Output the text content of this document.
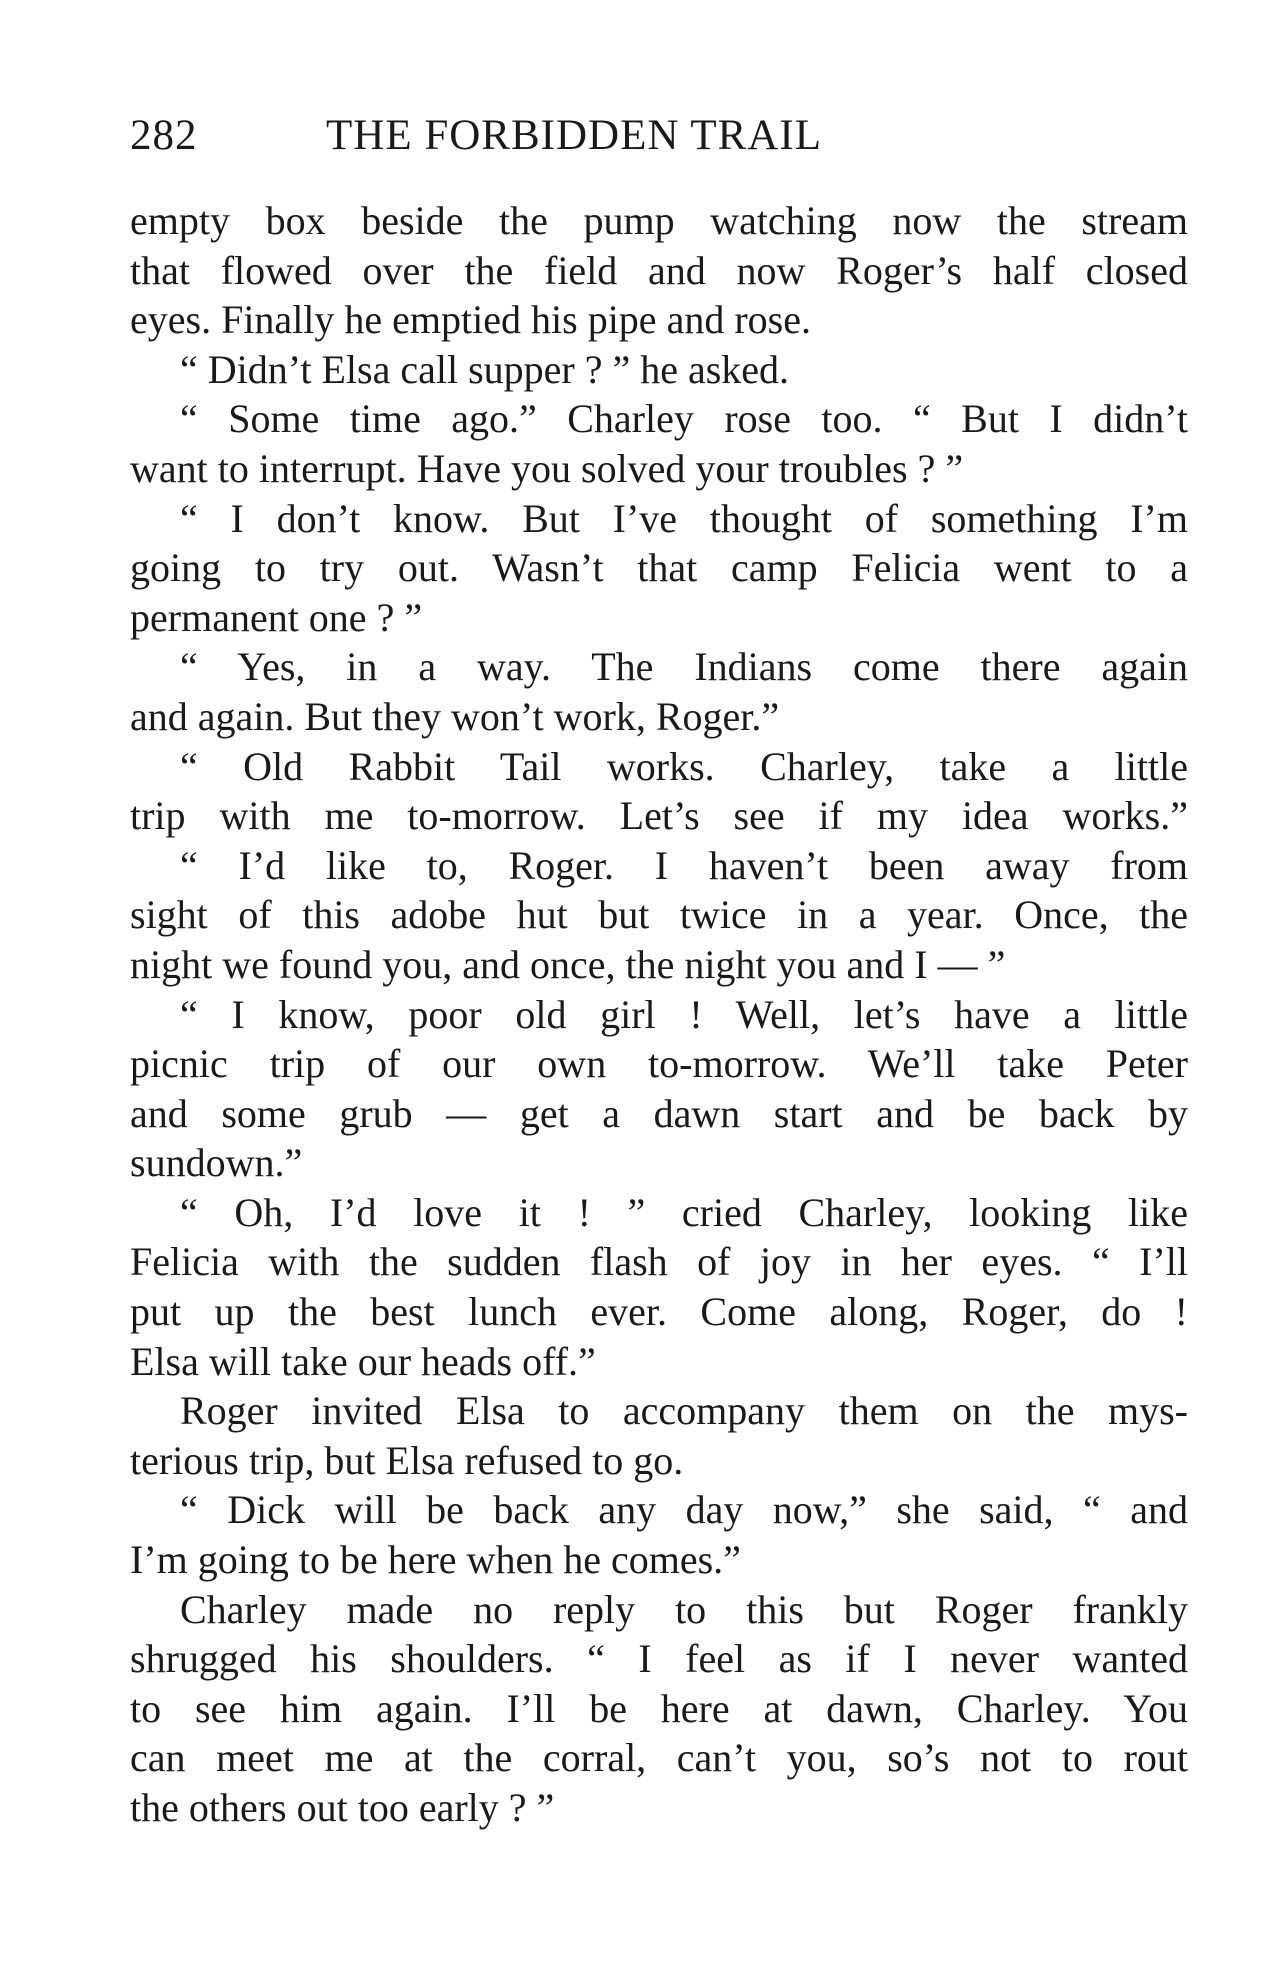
282	THE FORBIDDEN TRAIL
empty box beside the pump watching now the stream
that flowed over the field and now Roger’s half closed
eyes. Finally he emptied his pipe and rose.
“ Didn’t Elsa call supper ? ” he asked.
“ Some time ago.” Charley rose too. “ But I didn’t
want to interrupt. Have you solved your troubles ? ”
“ I don’t know. But I’ve thought of something I’m
going to try out. Wasn’t that camp Felicia went to a
permanent one ? ”
“ Yes, in a way. The Indians come there again
and again. But they won’t work, Roger.”
“ Old Rabbit Tail works. Charley, take a little
trip with me to-morrow. Let’s see if my idea works.”
“ I’d like to, Roger. I haven’t been away from
sight of this adobe hut but twice in a year. Once, the
night we found you, and once, the night you and I — ”
“ I know, poor old girl ! Well, let’s have a little
picnic trip of our own to-morrow. We’ll take Peter
and some grub — get a dawn start and be back by
sundown.”
“ Oh, I’d love it ! ” cried Charley, looking like
Felicia with the sudden flash of joy in her eyes. “ I’ll
put up the best lunch ever. Come along, Roger, do !
Elsa will take our heads off.”
Roger invited Elsa to accompany them on the mys-
terious trip, but Elsa refused to go.
“ Dick will be back any day now,” she said, “ and
I’m going to be here when he comes.”
Charley made no reply to this but Roger frankly
shrugged his shoulders. “ I feel as if I never wanted
to see him again. I’ll be here at dawn, Charley. You
can meet me at the corral, can’t you, so’s not to rout
the others out too early ? ”
